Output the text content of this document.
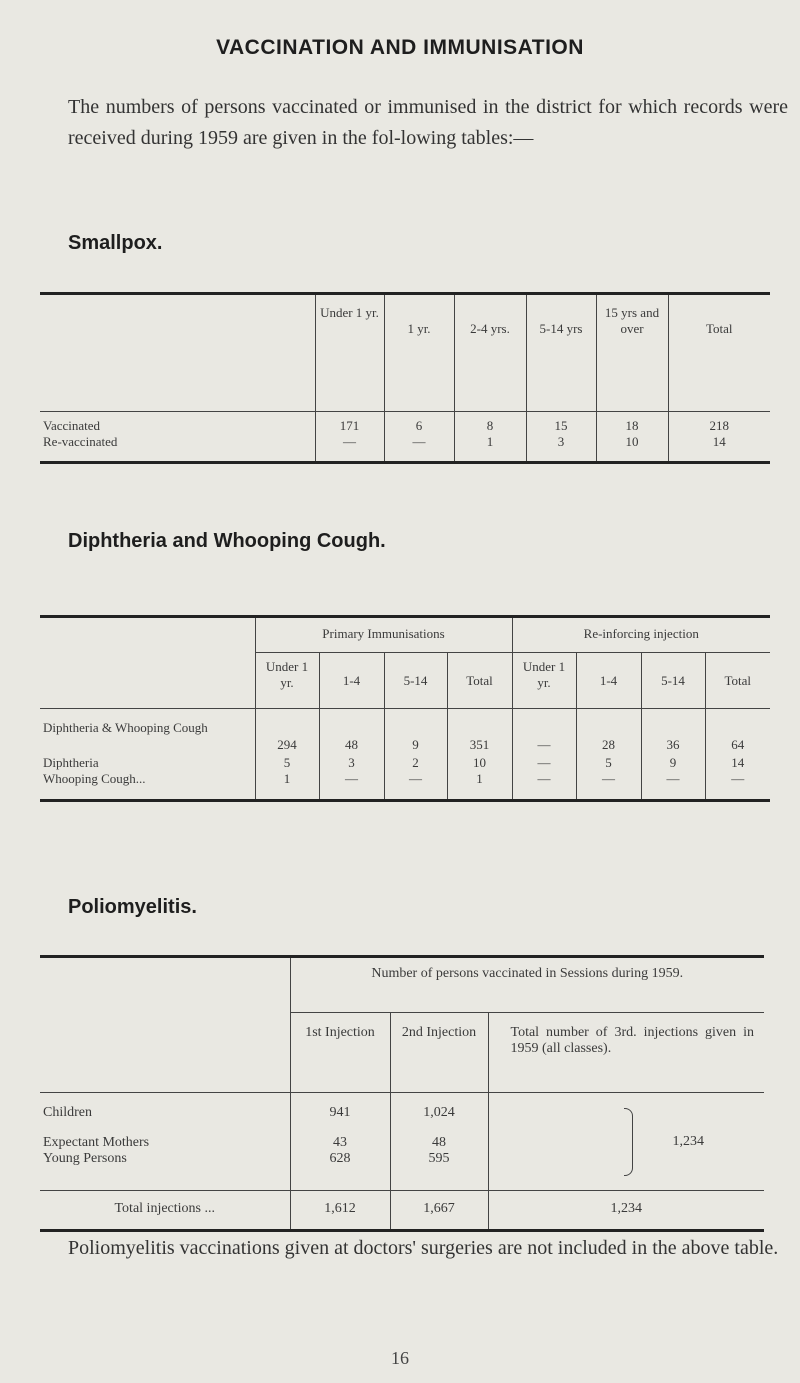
VACCINATION AND IMMUNISATION
The numbers of persons vaccinated or immunised in the district for which records were received during 1959 are given in the fol-lowing tables:—
Smallpox.
	Under 1 yr.	1 yr.	2-4 yrs.	5-14 yrs	15 yrs and over	Total
Vaccinated	171	6	8	15	18	218
Re-vaccinated	—	—	1	3	10	14
Diphtheria and Whooping Cough.
	Primary Immunisations				Re-inforcing injection			
	Under 1 yr.	1-4	5-14	Total	Under 1 yr.	1-4	5-14	Total
Diphtheria & Whooping Cough	294	48	9	351	—	28	36	64
Diphtheria	5	3	2	10	—	5	9	14
Whooping Cough...	1	—	—	1	—	—	—	—
Poliomyelitis.
	Number of persons vaccinated in Sessions during 1959.		
	1st Injection	2nd Injection	Total number of 3rd. injections given in 1959 (all classes).
Children	941	1,024	1,234
Expectant Mothers	43	48	
Young Persons	628	595	
Total injections ...	1,612	1,667	1,234
Poliomyelitis vaccinations given at doctors' surgeries are not included in the above table.
16
